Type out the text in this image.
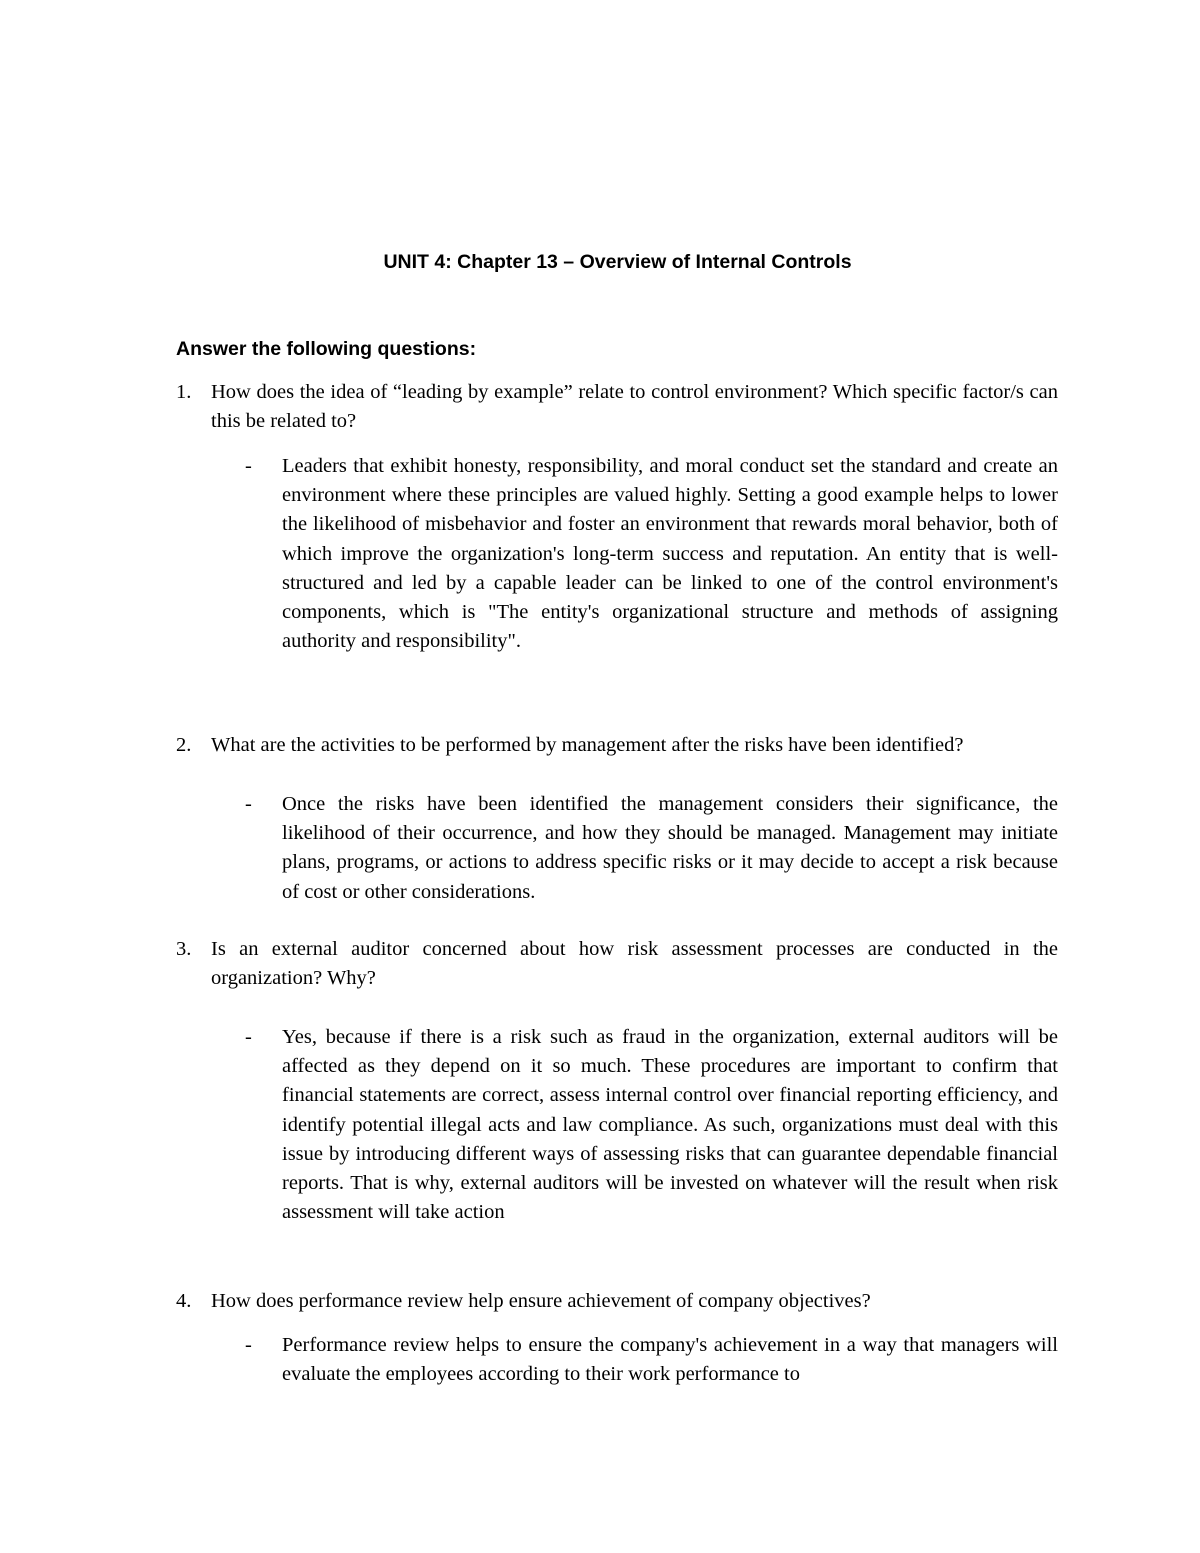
UNIT 4: Chapter 13 – Overview of Internal Controls

Answer the following questions:

1. How does the idea of “leading by example” relate to control environment? Which specific factor/s can this be related to?

- Leaders that exhibit honesty, responsibility, and moral conduct set the standard and create an environment where these principles are valued highly. Setting a good example helps to lower the likelihood of misbehavior and foster an environment that rewards moral behavior, both of which improve the organization's long-term success and reputation. An entity that is well-structured and led by a capable leader can be linked to one of the control environment's components, which is "The entity's organizational structure and methods of assigning authority and responsibility".

2. What are the activities to be performed by management after the risks have been identified?

- Once the risks have been identified the management considers their significance, the likelihood of their occurrence, and how they should be managed. Management may initiate plans, programs, or actions to address specific risks or it may decide to accept a risk because of cost or other considerations.

3. Is an external auditor concerned about how risk assessment processes are conducted in the organization? Why?

- Yes, because if there is a risk such as fraud in the organization, external auditors will be affected as they depend on it so much. These procedures are important to confirm that financial statements are correct, assess internal control over financial reporting efficiency, and identify potential illegal acts and law compliance. As such, organizations must deal with this issue by introducing different ways of assessing risks that can guarantee dependable financial reports. That is why, external auditors will be invested on whatever will the result when risk assessment will take action

4. How does performance review help ensure achievement of company objectives?

- Performance review helps to ensure the company's achievement in a way that managers will evaluate the employees according to their work performance to
